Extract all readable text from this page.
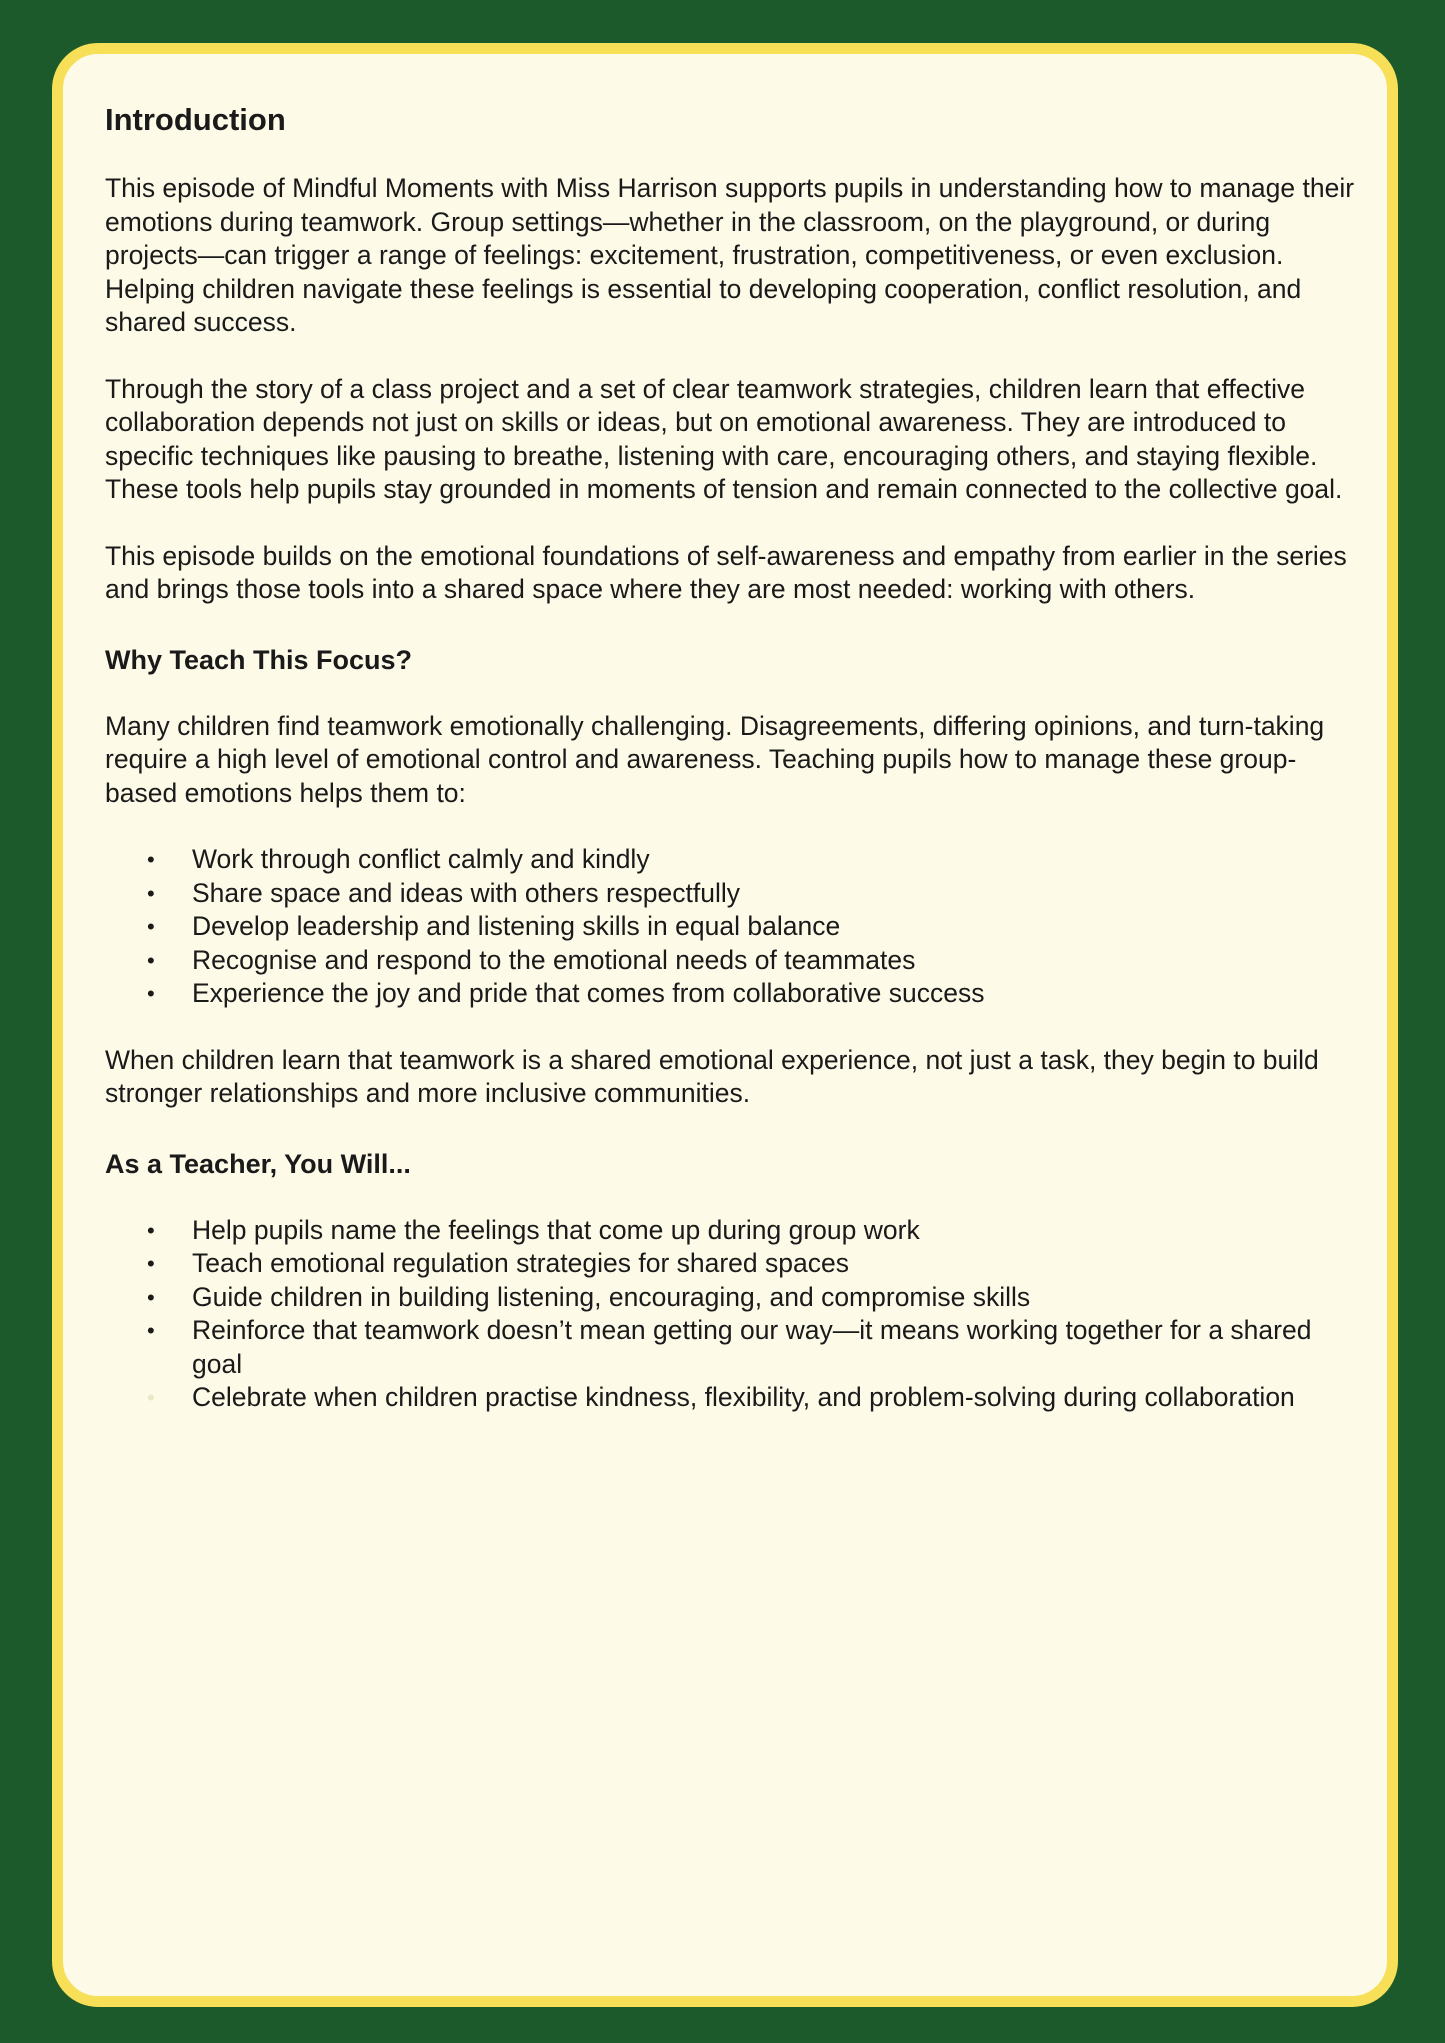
Introduction

This episode of Mindful Moments with Miss Harrison supports pupils in understanding how to manage their emotions during teamwork. Group settings—whether in the classroom, on the playground, or during projects—can trigger a range of feelings: excitement, frustration, competitiveness, or even exclusion. Helping children navigate these feelings is essential to developing cooperation, conflict resolution, and shared success.

Through the story of a class project and a set of clear teamwork strategies, children learn that effective collaboration depends not just on skills or ideas, but on emotional awareness. They are introduced to specific techniques like pausing to breathe, listening with care, encouraging others, and staying flexible. These tools help pupils stay grounded in moments of tension and remain connected to the collective goal.

This episode builds on the emotional foundations of self-awareness and empathy from earlier in the series and brings those tools into a shared space where they are most needed: working with others.

Why Teach This Focus?

Many children find teamwork emotionally challenging. Disagreements, differing opinions, and turn-taking require a high level of emotional control and awareness. Teaching pupils how to manage these group-based emotions helps them to:

• Work through conflict calmly and kindly
• Share space and ideas with others respectfully
• Develop leadership and listening skills in equal balance
• Recognise and respond to the emotional needs of teammates
• Experience the joy and pride that comes from collaborative success

When children learn that teamwork is a shared emotional experience, not just a task, they begin to build stronger relationships and more inclusive communities.

As a Teacher, You Will...
• Help pupils name the feelings that come up during group work
• Teach emotional regulation strategies for shared spaces
• Guide children in building listening, encouraging, and compromise skills
• Reinforce that teamwork doesn’t mean getting our way—it means working together for a shared goal
• Celebrate when children practise kindness, flexibility, and problem-solving during collaboration
